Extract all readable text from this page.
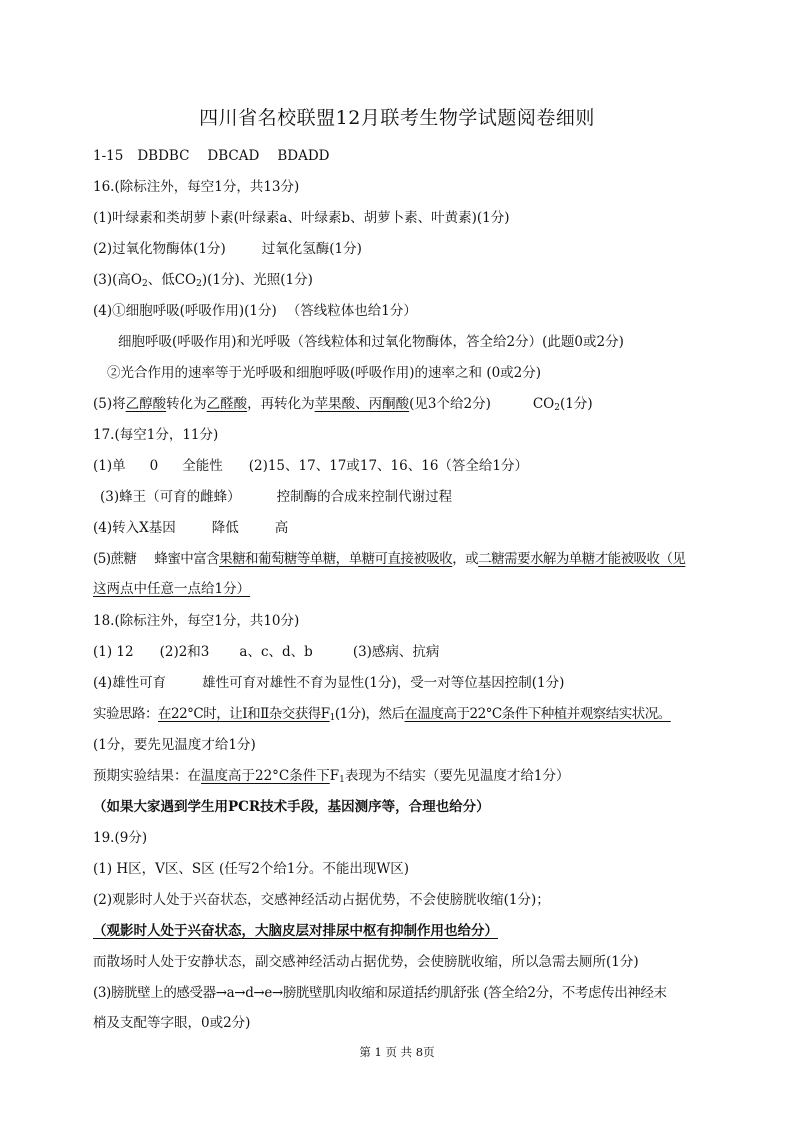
四川省名校联盟12月联考生物学试题阅卷细则
1-15 DBDBC DBCAD BDADD
16.(除标注外，每空1分，共13分)
(1)叶绿素和类胡萝卜素(叶绿素a、叶绿素b、胡萝卜素、叶黄素)(1分)
(2)过氧化物酶体(1分)	过氧化氢酶(1分)
(3)(高$O_2$、低$CO_2)(1$分)、光照(1分)
(4)①细胞呼吸(呼吸作用)(1分) （答线粒体也给1分）
细胞呼吸(呼吸作用)和光呼吸（答线粒体和过氧化物酶体，答全给2分）(此题0或2分)
②光合作用的速率等于光呼吸和细胞呼吸(呼吸作用)的速率之和 (0或2分)
(5)将乙醇酸转化为乙醛酸，再转化为苹果酸、丙酮酸(见3个给2分)	$CO_2(1$分)
17.(每空1分，11分)
(1)单 0 全能性 (2)15、17、17或17、16、16（答全给1分）
(3)蜂王（可育的雌蜂）	控制酶的合成来控制代谢过程
(4)转入X基因	降低	高
(5)蔗糖 蜂蜜中富含果糖和葡萄糖等单糖，单糖可直接被吸收，或二糖需要水解为单糖才能被吸收（见
这两点中任意一点给1分）
18.(除标注外，每空1分，共10分)
(1) 12 (2)2和3 a、c、d、b	(3)感病、抗病
(4)雄性可育	雄性可育对雄性不育为显性(1分)，受一对等位基因控制(1分)
实验思路：在22°C时，让Ⅰ和Ⅱ杂交获得$F_1(1$分)，然后在温度高于22°C条件下种植并观察结实状况。
(1分，要先见温度才给1分)
预期实验结果：在温度高于22°C条件下$F_1$表现为不结实（要先见温度才给1分）
（如果大家遇到学生用PCR技术手段，基因测序等，合理也给分）
19.(9分)
(1) H区，V区、S区 (任写2个给1分。不能出现W区)
(2)观影时人处于兴奋状态，交感神经活动占据优势，不会使膀胱收缩(1分)；
（观影时人处于兴奋状态，大脑皮层对排尿中枢有抑制作用也给分）
而散场时人处于安静状态，副交感神经活动占据优势，会使膀胱收缩，所以急需去厕所(1分)
(3)膀胱壁上的感受器→a→d→e→膀胱壁肌肉收缩和尿道括约肌舒张 (答全给2分，不考虑传出神经末
梢及支配等字眼，0或2分)
第 1 页 共 8页
